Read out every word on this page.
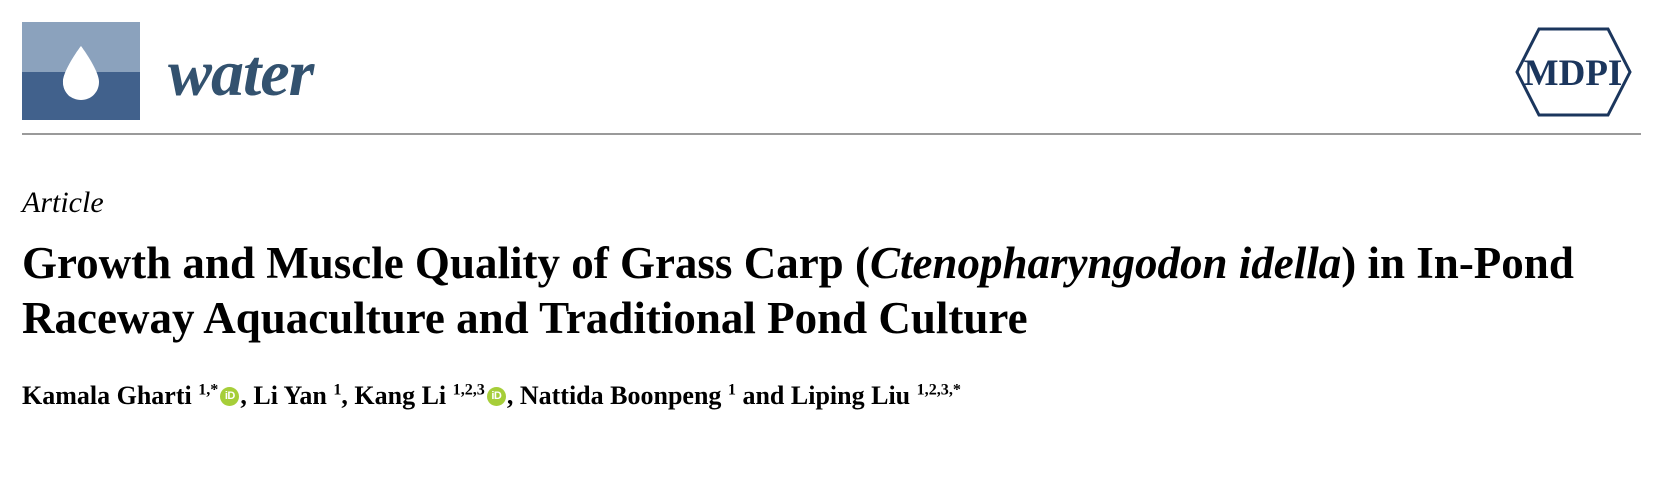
water	MDPI
Article
Growth and Muscle Quality of Grass Carp (Ctenopharyngodon idella) in In-Pond Raceway Aquaculture and Traditional Pond Culture
Kamala Gharti $^{1,*}$ iD , Li Yan $^1$, Kang Li $^{1,2,3}$ iD , Nattida Boonpeng $^1$ and Liping Liu $^{1,2,3,*}$
